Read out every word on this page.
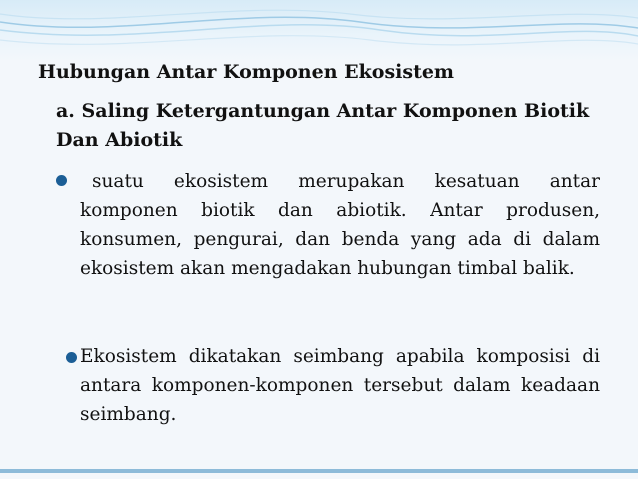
Hubungan Antar Komponen Ekosistem
a. Saling Ketergantungan Antar Komponen Biotik Dan Abiotik

suatu ekosistem merupakan kesatuan antar komponen biotik dan abiotik. Antar produsen, konsumen, pengurai, dan benda yang ada di dalam ekosistem akan mengadakan hubungan timbal balik.

Ekosistem dikatakan seimbang apabila komposisi di antara komponen-komponen tersebut dalam keadaan seimbang.
